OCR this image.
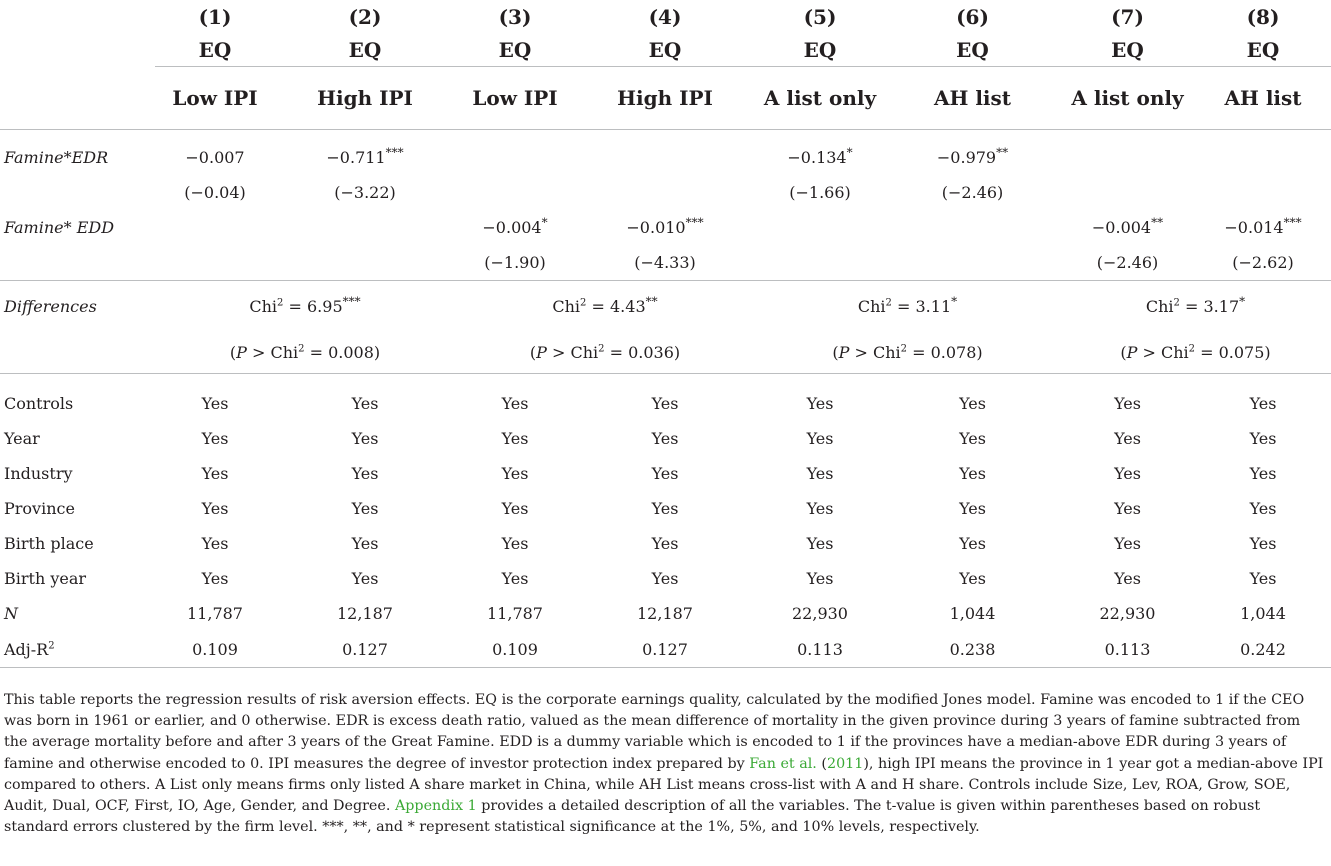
	(1)	(2)	(3)	(4)	(5)	(6)	(7)	(8)
	EQ	EQ	EQ	EQ	EQ	EQ	EQ	EQ
	Low IPI	High IPI	Low IPI	High IPI	A list only	AH list	A list only	AH list

Famine*EDR	−0.007	−0.711***			−0.134*	−0.979**		
	(−0.04)	(−3.22)			(−1.66)	(−2.46)		
Famine* EDD			−0.004*	−0.010***			−0.004**	−0.014***
			(−1.90)	(−4.33)			(−2.46)	(−2.62)
Differences	Chi$^2$ = 6.95***		Chi$^2$ = 4.43**		Chi$^2$ = 3.11*		Chi$^2$ = 3.17*
	(P > Chi$^2$ = 0.008)		(P > Chi$^2$ = 0.036)		(P > Chi$^2$ = 0.078)		(P > Chi$^2$ = 0.075)	

Controls	Yes	Yes	Yes	Yes	Yes	Yes	Yes	Yes
Year	Yes	Yes	Yes	Yes	Yes	Yes	Yes	Yes
Industry	Yes	Yes	Yes	Yes	Yes	Yes	Yes	Yes
Province	Yes	Yes	Yes	Yes	Yes	Yes	Yes	Yes
Birth place	Yes	Yes	Yes	Yes	Yes	Yes	Yes	Yes
Birth year	Yes	Yes	Yes	Yes	Yes	Yes	Yes	Yes
N	11,787	12,187	11,787	12,187	22,930	1,044	22,930	1,044
Adj-$R^2$	0.109	0.127	0.109	0.127	0.113	0.238	0.113	0.242
This table reports the regression results of risk aversion effects. EQ is the corporate earnings quality, calculated by the modified Jones model. Famine was encoded to 1 if the CEO was born in 1961 or earlier, and 0 otherwise. EDR is excess death ratio, valued as the mean difference of mortality in the given province during 3 years of famine subtracted from the average mortality before and after 3 years of the Great Famine. EDD is a dummy variable which is encoded to 1 if the provinces have a median-above EDR during 3 years of famine and otherwise encoded to 0. IPI measures the degree of investor protection index prepared by Fan et al. (2011), high IPI means the province in 1 year got a median-above IPI compared to others. A List only means firms only listed A share market in China, while AH List means cross-list with A and H share. Controls include Size, Lev, ROA, Grow, SOE, Audit, Dual, OCF, First, IO, Age, Gender, and Degree. Appendix 1 provides a detailed description of all the variables. The t-value is given within parentheses based on robust standard errors clustered by the firm level. ***, **, and * represent statistical significance at the 1%, 5%, and 10% levels, respectively.
